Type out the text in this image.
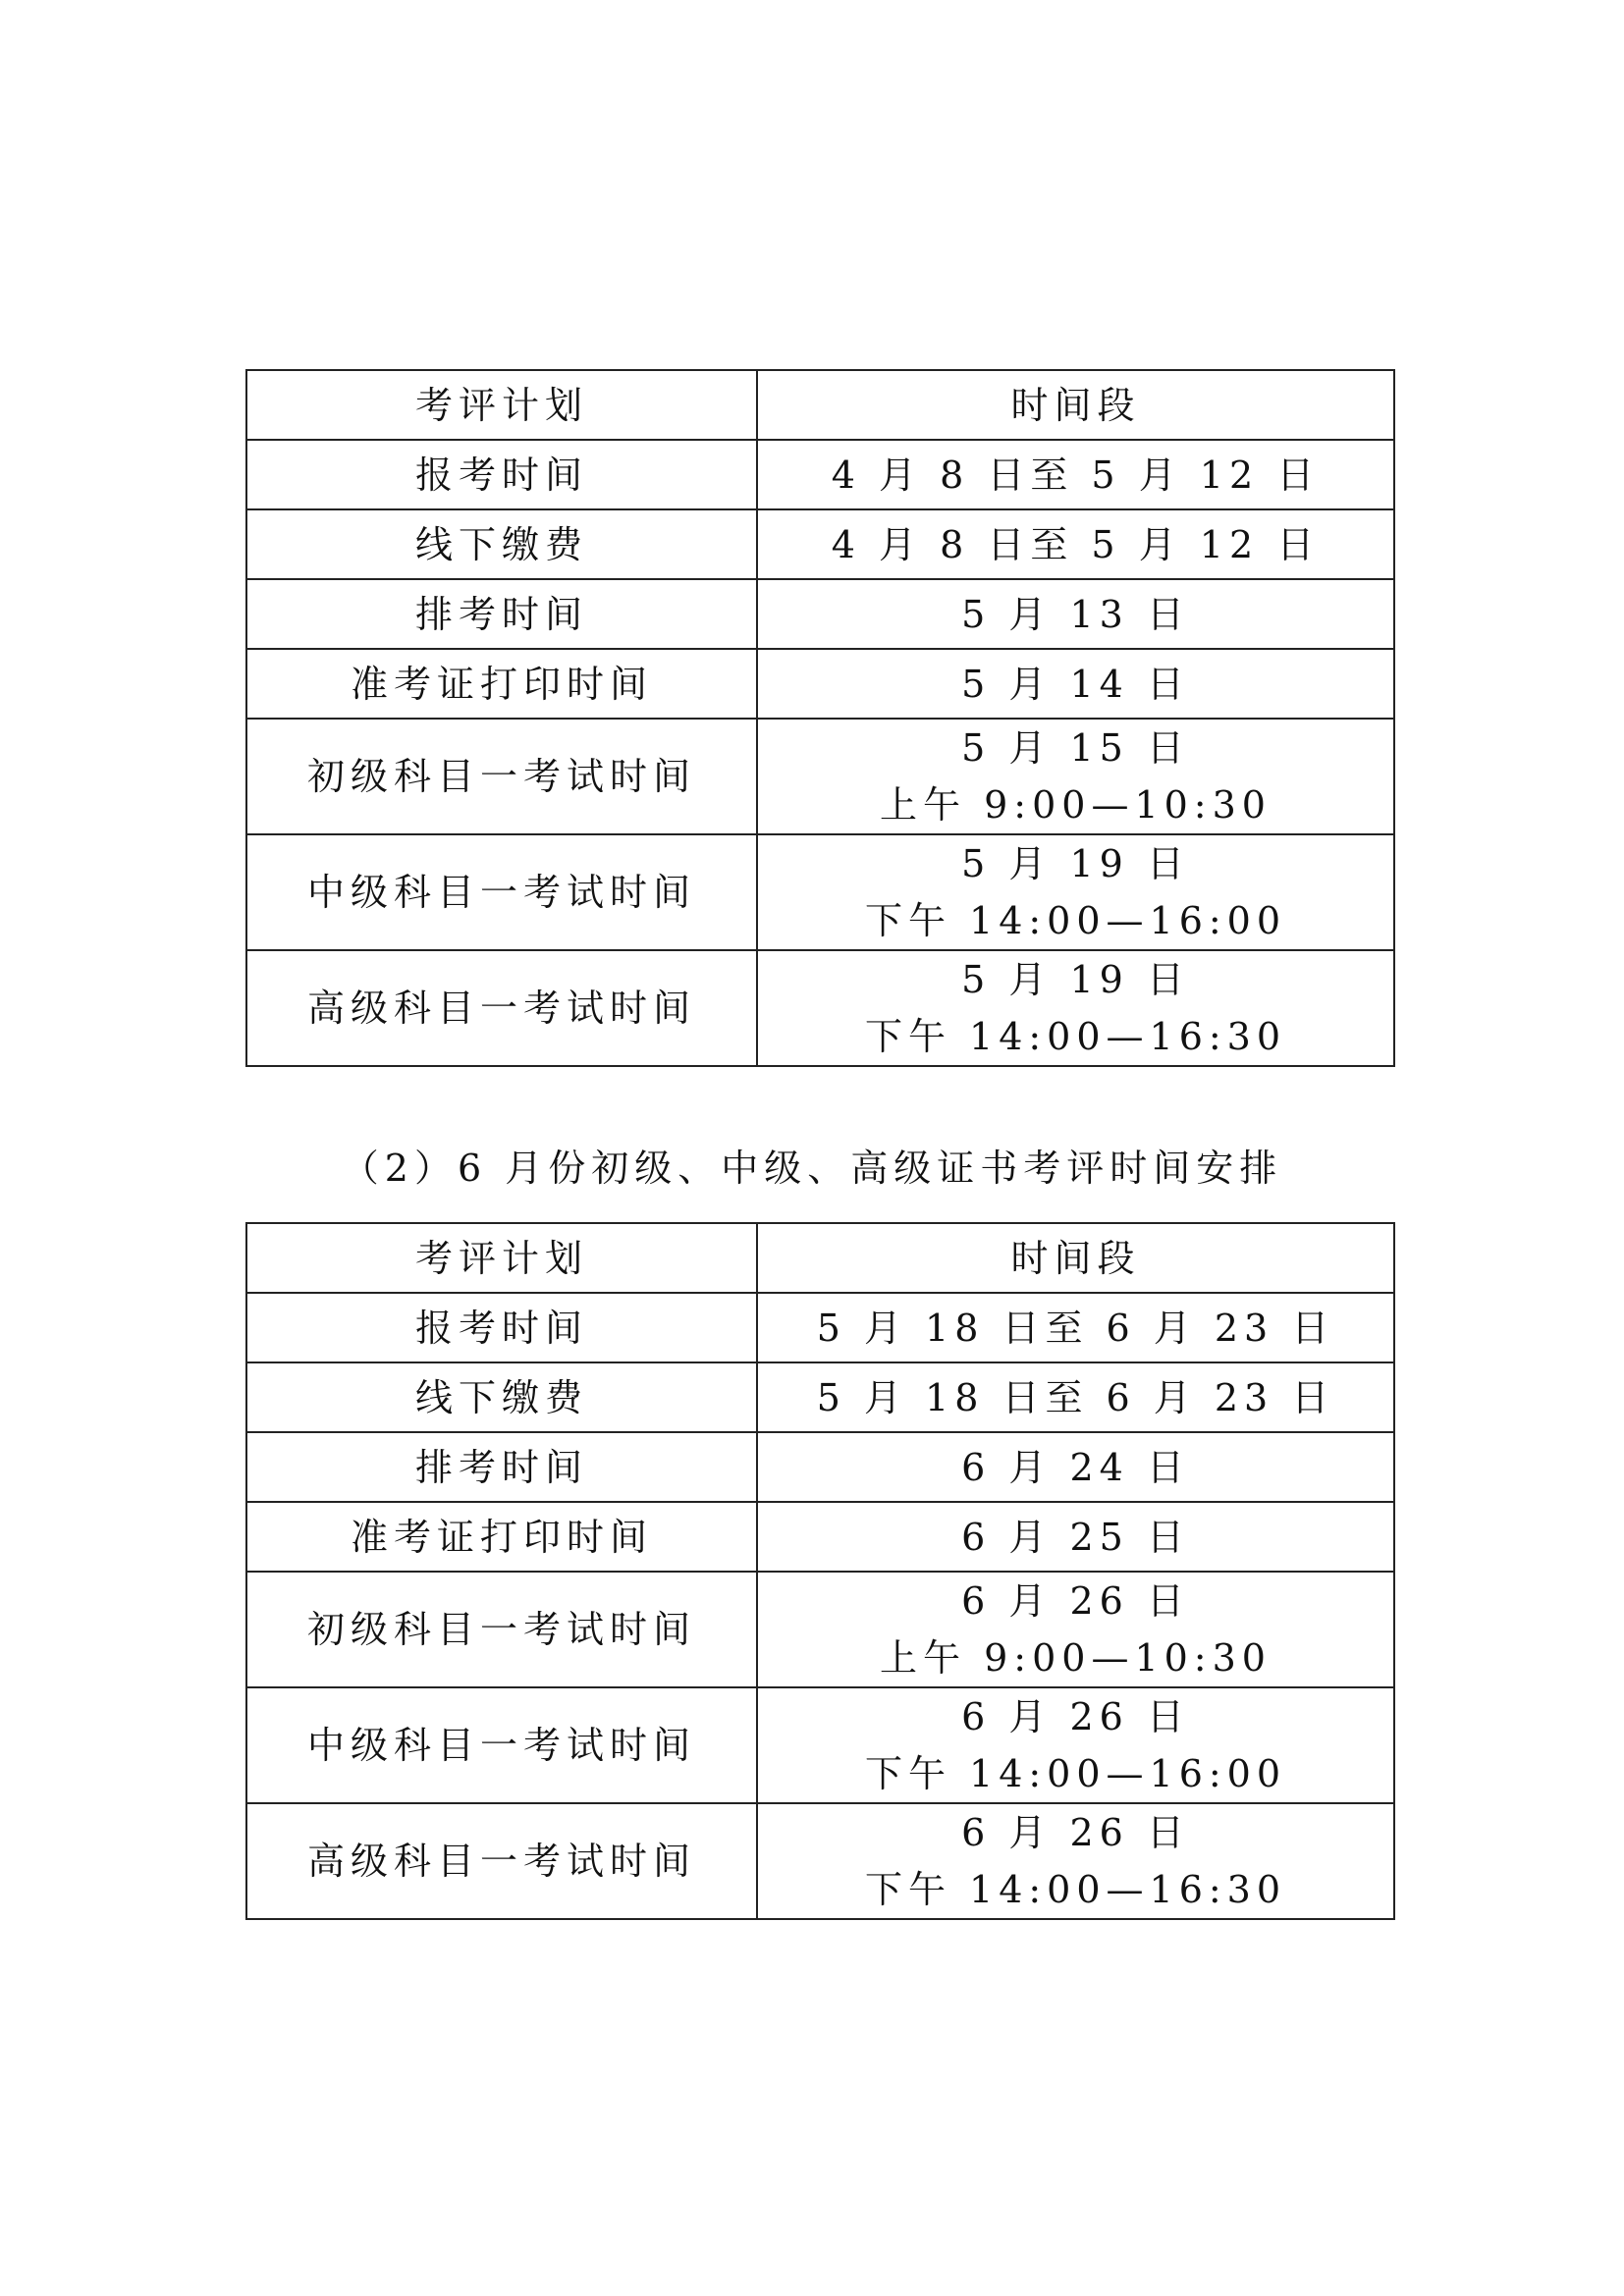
考评计划	时间段
报考时间	4 月 8 日至 5 月 12 日

线下缴费	4 月 8 日至 5 月 12 日

排考时间	5 月 13 日

准考证打印时间	5 月 14 日

初级科目一考试时间	5 月 15 日
上午 9:00—10:30

中级科目一考试时间	5 月 19 日
下午 14:00—16:00

高级科目一考试时间	5 月 19 日
下午 14:00—16:30
（2）6 月份初级、中级、高级证书考评时间安排
考评计划	时间段
报考时间	5 月 18 日至 6 月 23 日

线下缴费	5 月 18 日至 6 月 23 日

排考时间	6 月 24 日

准考证打印时间	6 月 25 日

初级科目一考试时间	6 月 26 日
上午 9:00—10:30

中级科目一考试时间	6 月 26 日
下午 14:00—16:00

高级科目一考试时间	6 月 26 日
下午 14:00—16:30
